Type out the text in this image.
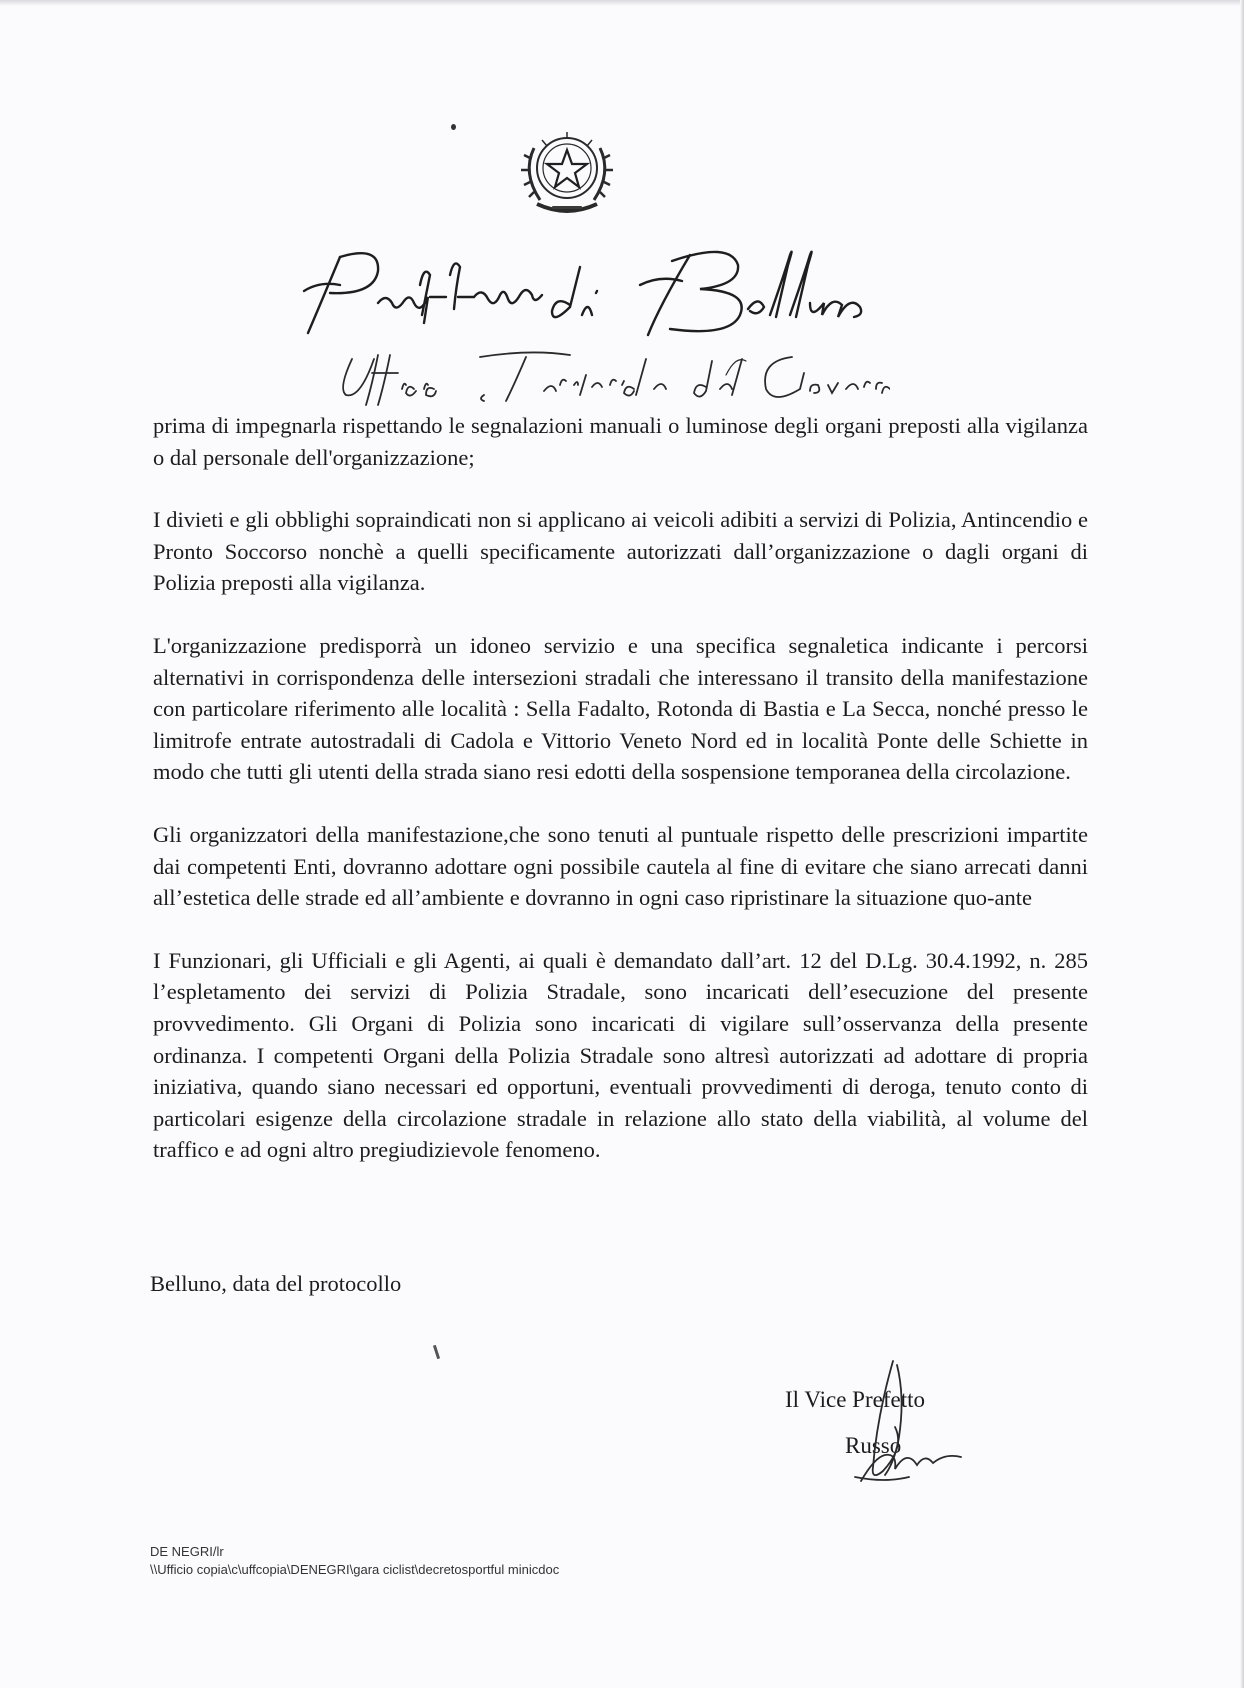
prima di impegnarla rispettando le segnalazioni manuali o luminose degli organi preposti alla vigilanza o dal personale dell'organizzazione;

I divieti e gli obblighi sopraindicati non si applicano ai veicoli adibiti a servizi di Polizia, Antincendio e Pronto Soccorso nonchè a quelli specificamente autorizzati dall’organizzazione o dagli organi di Polizia preposti alla vigilanza.

L'organizzazione predisporrà un idoneo servizio e una specifica segnaletica indicante i percorsi alternativi in corrispondenza delle intersezioni stradali che interessano il transito della manifestazione con particolare riferimento alle località : Sella Fadalto, Rotonda di Bastia e La Secca, nonché presso le limitrofe entrate autostradali di Cadola e Vittorio Veneto Nord ed in località Ponte delle Schiette in modo che tutti gli utenti della strada siano resi edotti della sospensione temporanea della circolazione.

Gli organizzatori della manifestazione,che sono tenuti al puntuale rispetto delle prescrizioni impartite dai competenti Enti, dovranno adottare ogni possibile cautela al fine di evitare che siano arrecati danni all’estetica delle strade ed all’ambiente e dovranno in ogni caso ripristinare la situazione quo-ante

I Funzionari, gli Ufficiali e gli Agenti, ai quali è demandato dall’art. 12 del D.Lg. 30.4.1992, n. 285 l’espletamento dei servizi di Polizia Stradale, sono incaricati dell’esecuzione del presente provvedimento. Gli Organi di Polizia sono incaricati di vigilare sull’osservanza della presente ordinanza. I competenti Organi della Polizia Stradale sono altresì autorizzati ad adottare di propria iniziativa, quando siano necessari ed opportuni, eventuali provvedimenti di deroga, tenuto conto di particolari esigenze della circolazione stradale in relazione allo stato della viabilità, al volume del traffico e ad ogni altro pregiudizievole fenomeno.

Belluno, data del protocollo
Il Vice Prefetto
Russo
DE NEGRI/lr
\\Ufficio copia\c\uffcopia\DENEGRI\gara ciclist\decretosportful minicdoc
